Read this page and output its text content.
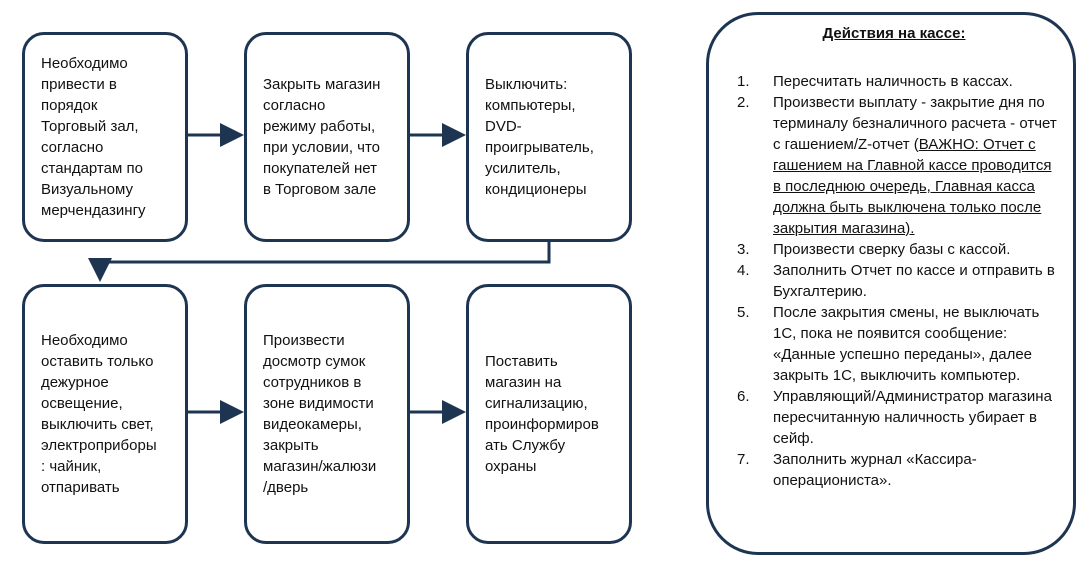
Необходимо
привести в
порядок
Торговый зал,
согласно
стандартам по
Визуальному
мерчендазингу
Закрыть магазин
согласно
режиму работы,
при условии, что
покупателей нет
в Торговом зале
Выключить:
компьютеры,
DVD-
проигрыватель,
усилитель,
кондиционеры
Необходимо
оставить только
дежурное
освещение,
выключить свет,
электроприборы
: чайник,
отпаривать
Произвести
досмотр сумок
сотрудников в
зоне видимости
видеокамеры,
закрыть
магазин/жалюзи
/дверь
Поставить
магазин на
сигнализацию,
проинформиров
ать Службу
охраны
Действия на кассе:
1.	Пересчитать наличность в кассах.
2.	Произвести выплату - закрытие дня по терминалу безналичного расчета - отчет с гашением/Z-отчет (ВАЖНО: Отчет с гашением на Главной кассе проводится в последнюю очередь, Главная касса должна быть выключена только после закрытия магазина).
3.	Произвести сверку базы с кассой.
4.	Заполнить Отчет по кассе и отправить в Бухгалтерию.
5.	После закрытия смены, не выключать 1С, пока не появится сообщение: «Данные успешно переданы», далее закрыть 1С, выключить компьютер.
6.	Управляющий/Администратор магазина пересчитанную наличность убирает в сейф.
7.	Заполнить журнал «Кассира-операциониста».
